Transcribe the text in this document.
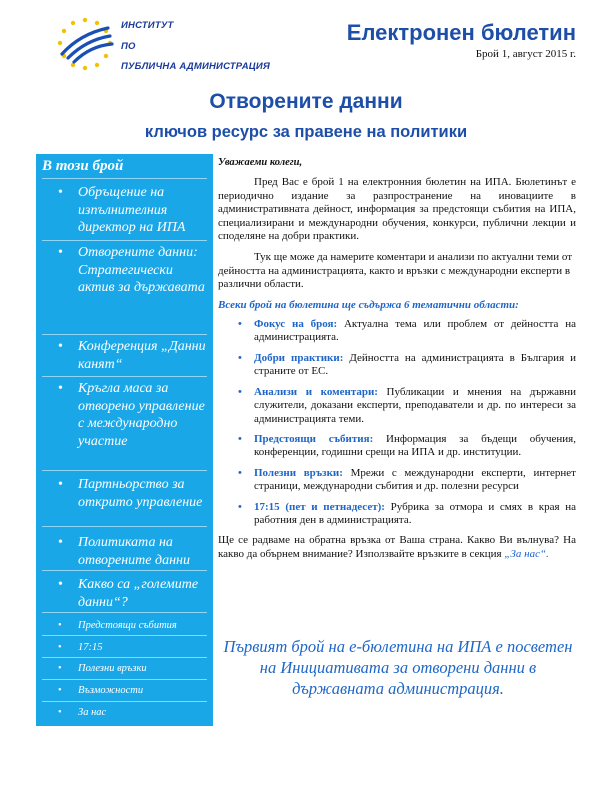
ИНСТИТУТ
ПО
ПУБЛИЧНА АДМИНИСТРАЦИЯ
Електронен бюлетин
Брой 1, август 2015 г.
Отворените данни
ключов ресурс за правене на политики
В този брой
•	Обръщение на изпълнителния директор на ИПА
•	Отворените данни: Стратегически актив за държавата
•	Конференция „Данни канят“
•	Кръгла маса за отворено управление с международно участие
•	Партньорство за открито управление
•	Политиката на отворените данни
•	Какво са „големите данни“?
•	Предстоящи събития
•	17:15
•	Полезни връзки
•	Възможности
•	За нас

Уважаеми колеги,

Пред Вас е брой 1 на електронния бюлетин на ИПА. Бюлетинът е периодично издание за разпространение на иновациите в административната дейност, информация за предстоящи събития на ИПА, специализирани и международни обучения, конкурси, публични лекции и споделяне на добри практики.

Тук ще може да намерите коментари и анализи по актуални теми от дейността на администрацията, както и връзки с международни експерти в различни области.

Всеки брой на бюлетина ще съдържа 6 тематични области:

• Фокус на броя: Актуална тема или проблем от дейността на администрацията.
• Добри практики: Дейността на администрацията в България и страните от ЕС.
• Анализи и коментари: Публикации и мнения на държавни служители, доказани експерти, преподаватели и др. по интереси за администрацията теми.
• Предстоящи събития: Информация за бъдещи обучения, конференции, годишни срещи на ИПА и др. институции.
• Полезни връзки: Мрежи с международни експерти, интернет страници, международни събития и др. полезни ресурси
• 17:15 (пет и петнадесет): Рубрика за отмора и смях в края на работния ден в администрацията.

Ще се радваме на обратна връзка от Ваша страна. Какво Ви вълнува? На какво да обърнем внимание? Използвайте връзките в секция „За нас“.

Първият брой на е-бюлетина на ИПА е посветен на Инициативата за отворени данни в държавната администрация.
